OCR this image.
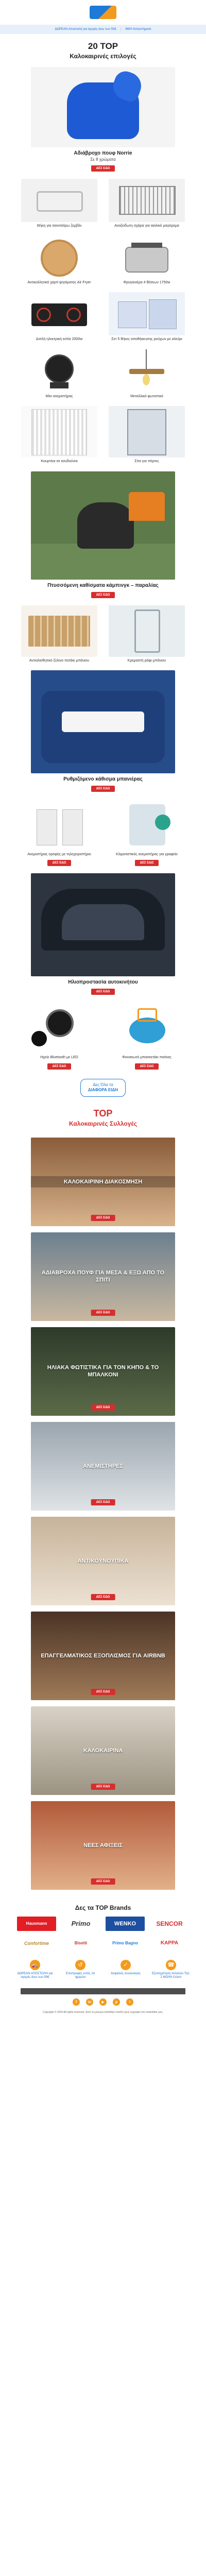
ΔΩΡΕΑΝ Αποστολή για αγορές άνω των 50€ | 9600 Καταστήματα
20 TOP
Καλοκαιρινές επιλογές
Αδιάβροχο πουφ Norrie
Σε 8 χρώματα
ΔΕΣ ΕΔΩ
Θήκη για σανιτσάρω ζεμβίλι	Ανοξείδωτη σχάρα για αιολικό μαγείρεμα
Αντικολλητικό χαρτί ψησίματος Air Fryer	Φρυγανιέρα 4 θέσεων 1750w
Διπλή ηλεκτρική εστία 2000w	Σετ 5 θήκες αποθήκευσης ρούχων με αλεύρι
Μίνι ανεμιστήρας	Μεταλλικό φωτιστικό
Κουρτίνα σε κουδούνια	Σίτα για πόρτες
Πτυσσόμενη καθίσματα κάμπινγκ – παραλίας
ΔΕΣ ΕΔΩ
Αντιολισθητικό ξύλινο πατάκι μπάνιου	Κρεμαστή ράφι μπάνιου
Ρυθμιζόμενο κάθισμα μπανιέρας
ΔΕΣ ΕΔΩ
Ανεμιστήρας οροφής με τηλεχειριστήριο
ΔΕΣ ΕΔΩ
Κλιματιστικός ανεμιστήρας για γραφείο
ΔΕΣ ΕΔΩ
Ηλιοπροστασία αυτοκινήτου
ΔΕΣ ΕΔΩ
Ηχείο Bluetooth με LED
ΔΕΣ ΕΔΩ
Φουσκωτό μπασκετάκι πισίνας
ΔΕΣ ΕΔΩ
Δες Όλα τα
ΔΙΑΦΟΡΑ ΕΙΔΗ
TOP
Καλοκαιρινές Συλλογές
ΚΑΛΟΚΑΙΡΙΝΗ ΔΙΑΚΟΣΜΗΣΗ
ΔΕΣ ΕΔΩ
ΑΔΙΑΒΡΟΧΑ ΠΟΥΦ ΓΙΑ ΜΕΣΑ & ΕΞΩ ΑΠΟ ΤΟ ΣΠΙΤΙ
ΔΕΣ ΕΔΩ
ΗΛΙΑΚΑ ΦΩΤΙΣΤΙΚΑ ΓΙΑ ΤΟΝ ΚΗΠΟ & ΤΟ ΜΠΑΛΚΟΝΙ
ΔΕΣ ΕΔΩ
ΑΝΕΜΙΣΤΗΡΕΣ
ΔΕΣ ΕΔΩ
ΑΝΤΙΚΟΥΝΟΥΠΙΚΑ
ΔΕΣ ΕΔΩ
ΕΠΑΓΓΕΛΜΑΤΙΚΟΣ ΕΞΟΠΛΙΣΜΟΣ ΓΙΑ AIRBNB
ΔΕΣ ΕΔΩ
ΚΑΛΟΚΑΙΡΙΝΑ
ΔΕΣ ΕΔΩ
ΝΕΕΣ ΑΦΙΞΕΙΣ
ΔΕΣ ΕΔΩ
Δες τα TOP Brands
Hausmann	Primo	WENKO	SENCOR
Confortime	Bisetti	Primo Bagno	KAPPA
🚚
ΔΩΡΕΑΝ ΑΠΟΣΤΟΛΗ για αγορές άνω των 50€
↺
Επιστροφές εντός 14 ημερών
✓
Ασφαλείς συναλλαγές
☎
Εξυπηρέτηση πελατών Τηλ: 2 ΜΟΛΗ έλλαπ
f	in	▶	p	t
Copyright © 2024 All rights reserved. Αυτό το μήνυμα στάλθηκε επειδή έχετε εγγραφεί στο newsletter μας.
